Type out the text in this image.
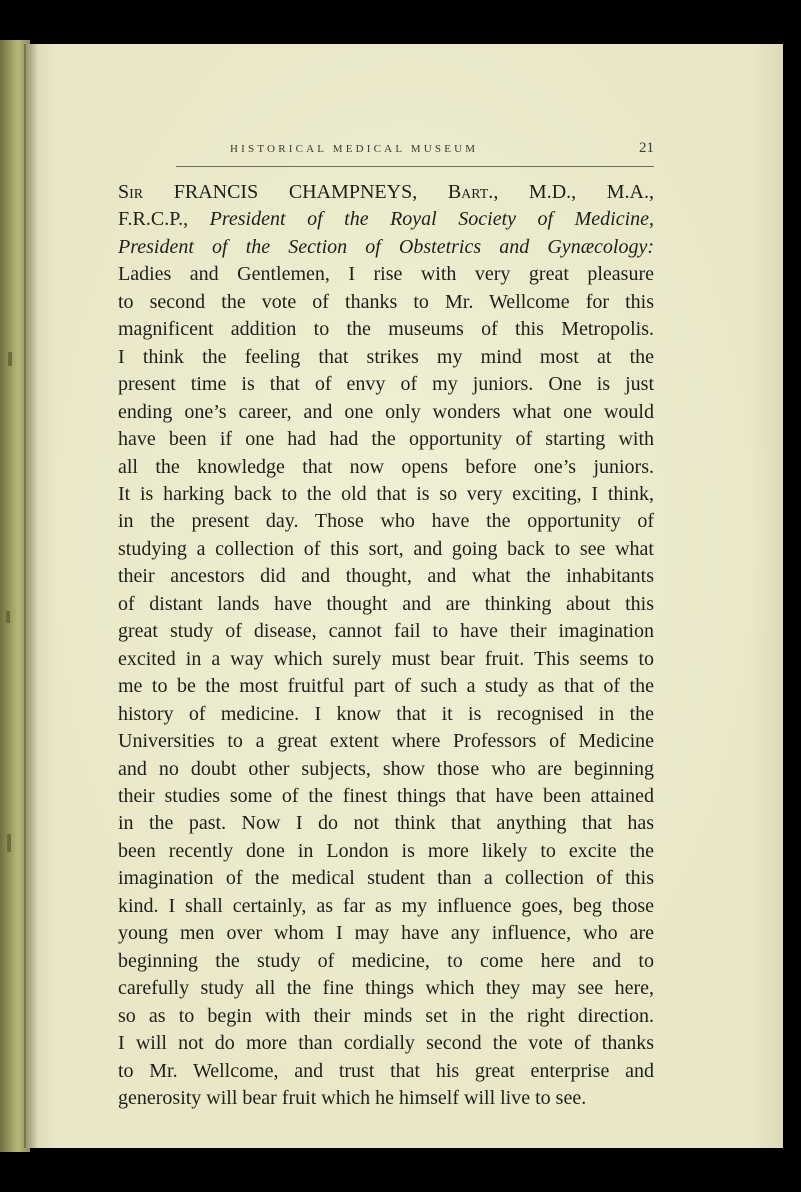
HISTORICAL MEDICAL MUSEUM	21
Sir FRANCIS CHAMPNEYS, Bart., M.D., M.A.,
F.R.C.P., President of the Royal Society of Medicine,
President of the Section of Obstetrics and Gynæcology:
Ladies and Gentlemen, I rise with very great pleasure
to second the vote of thanks to Mr. Wellcome for this
magnificent addition to the museums of this Metropolis.
I think the feeling that strikes my mind most at the
present time is that of envy of my juniors. One is just
ending one’s career, and one only wonders what one would
have been if one had had the opportunity of starting with
all the knowledge that now opens before one’s juniors.
It is harking back to the old that is so very exciting, I think,
in the present day. Those who have the opportunity of
studying a collection of this sort, and going back to see what
their ancestors did and thought, and what the inhabitants
of distant lands have thought and are thinking about this
great study of disease, cannot fail to have their imagination
excited in a way which surely must bear fruit. This seems to
me to be the most fruitful part of such a study as that of the
history of medicine. I know that it is recognised in the
Universities to a great extent where Professors of Medicine
and no doubt other subjects, show those who are beginning
their studies some of the finest things that have been attained
in the past. Now I do not think that anything that has
been recently done in London is more likely to excite the
imagination of the medical student than a collection of this
kind. I shall certainly, as far as my influence goes, beg those
young men over whom I may have any influence, who are
beginning the study of medicine, to come here and to
carefully study all the fine things which they may see here,
so as to begin with their minds set in the right direction.
I will not do more than cordially second the vote of thanks
to Mr. Wellcome, and trust that his great enterprise and
generosity will bear fruit which he himself will live to see.
